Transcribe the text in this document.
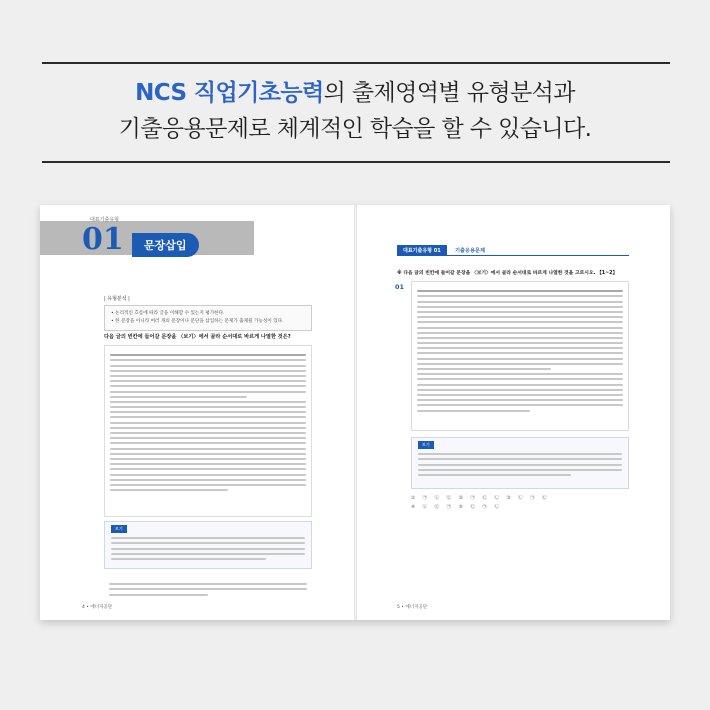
NCS 직업기초능력의 출제영역별 유형분석과
기출응용문제로 체계적인 학습을 할 수 있습니다.
대표기출유형
01	문장삽입
| 유형분석 |
• 논리적인 흐름에 따라 글을 이해할 수 있는지 평가한다.
• 한 문장을 아니라 여러 개의 문장이나 문단을 삽입하는 문제가 출제될 가능성이 있다.
다음 글의 빈칸에 들어갈 문장을 〈보기〉에서 골라 순서대로 바르게 나열한 것은?
보기
4 • 에너지공단
대표기출유형 01	기출응용문제
※ 다음 글의 빈칸에 들어갈 문장을 〈보기〉에서 골라 순서대로 바르게 나열한 것을 고르시오. 【1~2】
01
보기
① ㉠ ㉡ ㉢ ② ㉠ ㉢ ㉡ ③ ㉡ ㉠ ㉢
④ ㉡ ㉢ ㉠ ⑤ ㉢ ㉠ ㉡
5 • 에너지공단
